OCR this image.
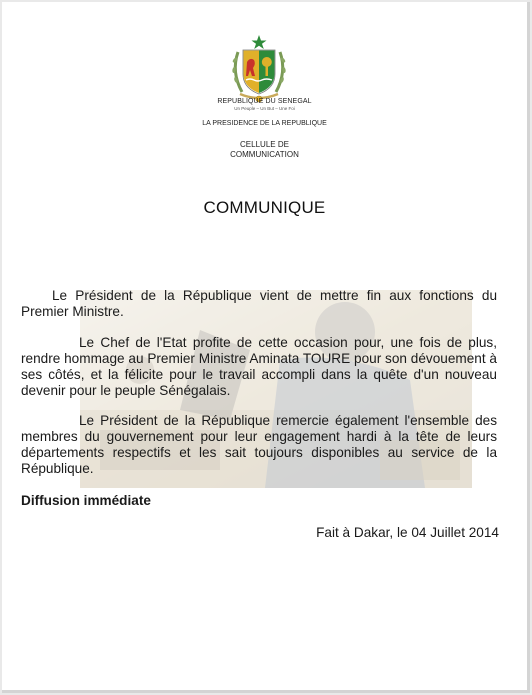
REPUBLIQUE DU SENEGAL

Un Peuple – Un But – Une Foi

LA PRESIDENCE DE LA REPUBLIQUE

CELLULE DE
COMMUNICATION
COMMUNIQUE

Le Président de la République vient de mettre fin aux fonctions du Premier Ministre.

Le Chef de l'Etat profite de cette occasion pour, une fois de plus, rendre hommage au Premier Ministre Aminata TOURE pour son dévouement à ses côtés, et la félicite pour le travail accompli dans la quête d'un nouveau devenir pour le peuple Sénégalais.

Le Président de la République remercie également l'ensemble des membres du gouvernement pour leur engagement hardi à la tête de leurs départements respectifs et les sait toujours disponibles au service de la République.

Diffusion immédiate

Fait à Dakar, le 04 Juillet 2014
